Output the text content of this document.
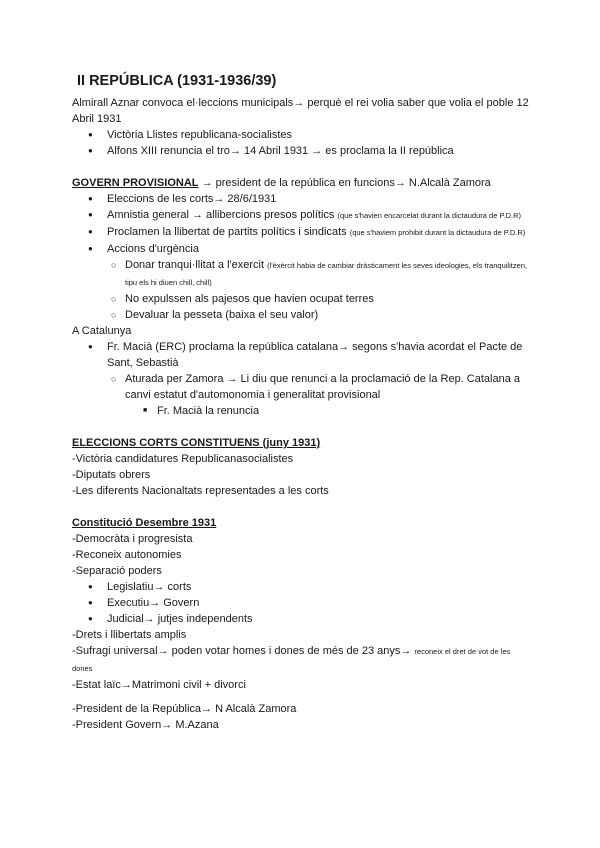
II REPÚBLICA (1931-1936/39)

Almirall Aznar convoca el·leccions municipals→ perquè el rei volia saber que volia el poble 12 Abril 1931

● Victòria Llistes republicana-socialistes
● Alfons XIII renuncia el tro→ 14 Abril 1931 → es proclama la II república

GOVERN PROVISIONAL → president de la república en funcions→ N.Alcalà Zamora

● Eleccions de les corts→ 28/6/1931
● Amnistia general → allibercions presos polítics (que s'havien encarcelat durant la dictaudura de P.D.R)
● Proclamen la llibertat de partits polítics i sindicats (que s'haviem prohibit durant la dictaudura de P.D.R)
● Accions d'urgència
○ Donar tranqui·llitat a l'exercit (l'èxèrcit habia de cambiar dràsticament les seves ideologies, els tranquilitzen, tipu els hi diuen chill, chill)
○ No expulssen als pajesos que havien ocupat terres
○ Devaluar la pesseta (baixa el seu valor)

A Catalunya

● Fr. Macià (ERC) proclama la república catalana→ segons s'havia acordat el Pacte de Sant, Sebastià
○ Aturada per Zamora → Li diu que renunci a la proclamació de la Rep. Catalana a canvi estatut d'automonomia i generalitat provisional
■ Fr. Macià la renuncia

ELECCIONS CORTS CONSTITUENS (juny 1931)

-Victòria candidatures Republicanasocialistes

-Diputats obrers

-Les diferents Nacionaltats representades a les corts

Constitució Desembre 1931

-Democràta i progresista

-Reconeix autonomies

-Separació poders

● Legislatiu→ corts
● Executiu→ Govern
● Judicial→ jutjes independents

-Drets i llibertats amplis

-Sufragi universal→ poden votar homes i dones de més de 23 anys→ reconeix el dret de vot de les dones

-Estat laïc→Matrimoni civil + divorci

-President de la República→ N Alcalà Zamora

-President Govern→ M.Azana
